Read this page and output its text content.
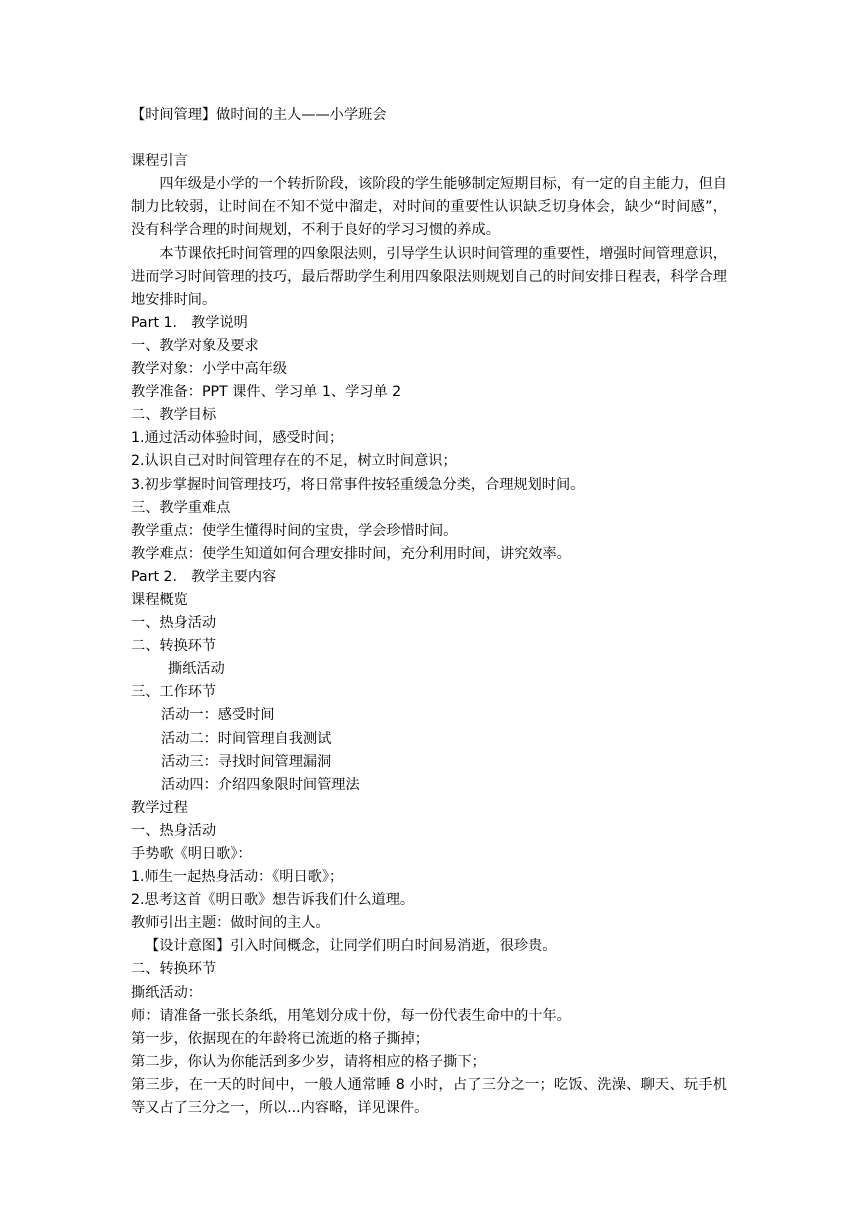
【时间管理】做时间的主人——小学班会
课程引言
四年级是小学的一个转折阶段，该阶段的学生能够制定短期目标，有一定的自主能力，但自制力比较弱，让时间在不知不觉中溜走，对时间的重要性认识缺乏切身体会，缺少“时间感”，没有科学合理的时间规划，不利于良好的学习习惯的养成。
本节课依托时间管理的四象限法则，引导学生认识时间管理的重要性，增强时间管理意识，进而学习时间管理的技巧，最后帮助学生利用四象限法则规划自己的时间安排日程表，科学合理地安排时间。
Part 1. 教学说明
一、教学对象及要求
教学对象：小学中高年级
教学准备：PPT 课件、学习单 1、学习单 2
二、教学目标
1.通过活动体验时间，感受时间；
2.认识自己对时间管理存在的不足，树立时间意识；
3.初步掌握时间管理技巧，将日常事件按轻重缓急分类，合理规划时间。
三、教学重难点
教学重点：使学生懂得时间的宝贵，学会珍惜时间。
教学难点：使学生知道如何合理安排时间，充分利用时间，讲究效率。
Part 2. 教学主要内容
课程概览
一、热身活动
二、转换环节
撕纸活动
三、工作环节
活动一：感受时间
活动二：时间管理自我测试
活动三：寻找时间管理漏洞
活动四：介绍四象限时间管理法
教学过程
一、热身活动
手势歌《明日歌》：
1.师生一起热身活动：《明日歌》；
2.思考这首《明日歌》想告诉我们什么道理。
教师引出主题：做时间的主人。
【设计意图】引入时间概念，让同学们明白时间易消逝，很珍贵。
二、转换环节
撕纸活动：
师：请准备一张长条纸，用笔划分成十份，每一份代表生命中的十年。
第一步，依据现在的年龄将已流逝的格子撕掉；
第二步，你认为你能活到多少岁，请将相应的格子撕下；
第三步，在一天的时间中，一般人通常睡 8 小时，占了三分之一；吃饭、洗澡、聊天、玩手机等又占了三分之一，所以...内容略，详见课件。
